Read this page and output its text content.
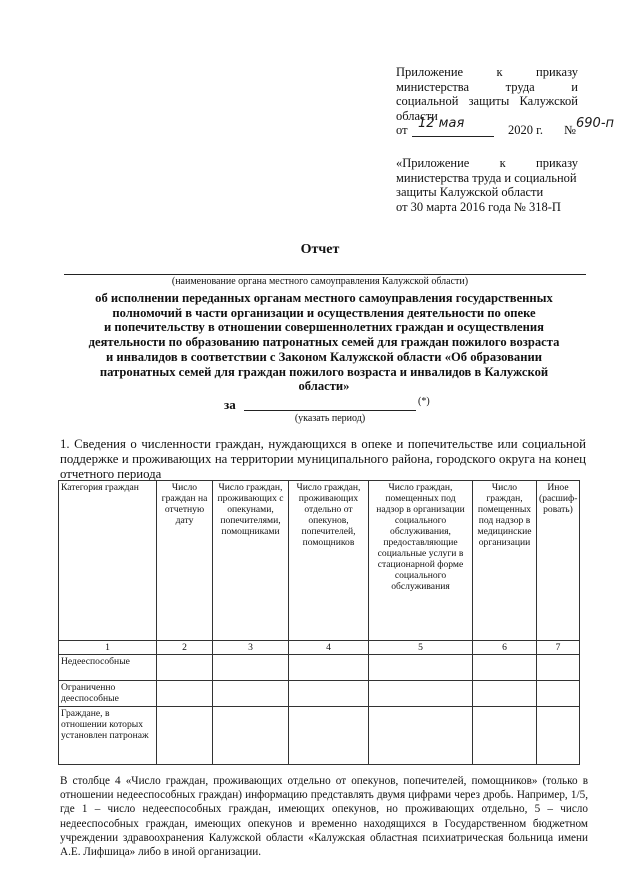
Приложение к приказу
министерства труда и
социальной защиты Калужской
области
от 12 мая	2020 г. № 690-п
«Приложение к приказу
министерства труда и социальной
защиты Калужской области
от 30 марта 2016 года № 318-П
Отчет
(наименование органа местного самоуправления Калужской области)
об исполнении переданных органам местного самоуправления государственных
полномочий в части организации и осуществления деятельности по опеке
и попечительству в отношении совершеннолетних граждан и осуществления
деятельности по образованию патронатных семей для граждан пожилого возраста
и инвалидов в соответствии с Законом Калужской области «Об образовании
патронатных семей для граждан пожилого возраста и инвалидов в Калужской
области»
за	(*)
(указать период)
1. Сведения о численности граждан, нуждающихся в опеке и попечительстве или социальной поддержке и проживающих на территории муниципального района, городского округа на конец отчетного периода
Категория граждан	Число граждан на отчетную дату	Число граждан, проживающих с опекунами, попечителями, помощниками	Число граждан, проживающих отдельно от опекунов, попечителей, помощников	Число граждан, помещенных под надзор в организации социального обслуживания, предоставляющие социальные услуги в стационарной форме социального обслуживания	Число граждан, помещенных под надзор в медицинские организации	Иное (расшиф-ровать)
1	2	3	4	5	6	7
Недееспособные						
Ограниченно дееспособные						
Граждане, в отношении которых установлен патронаж						
В столбце 4 «Число граждан, проживающих отдельно от опекунов, попечителей, помощников» (только в отношении недееспособных граждан) информацию представлять двумя цифрами через дробь. Например, 1/5, где 1 – число недееспособных граждан, имеющих опекунов, но проживающих отдельно, 5 – число недееспособных граждан, имеющих опекунов и временно находящихся в Государственном бюджетном учреждении здравоохранения Калужской области «Калужская областная психиатрическая больница имени А.Е. Лифшица» либо в иной организации.
